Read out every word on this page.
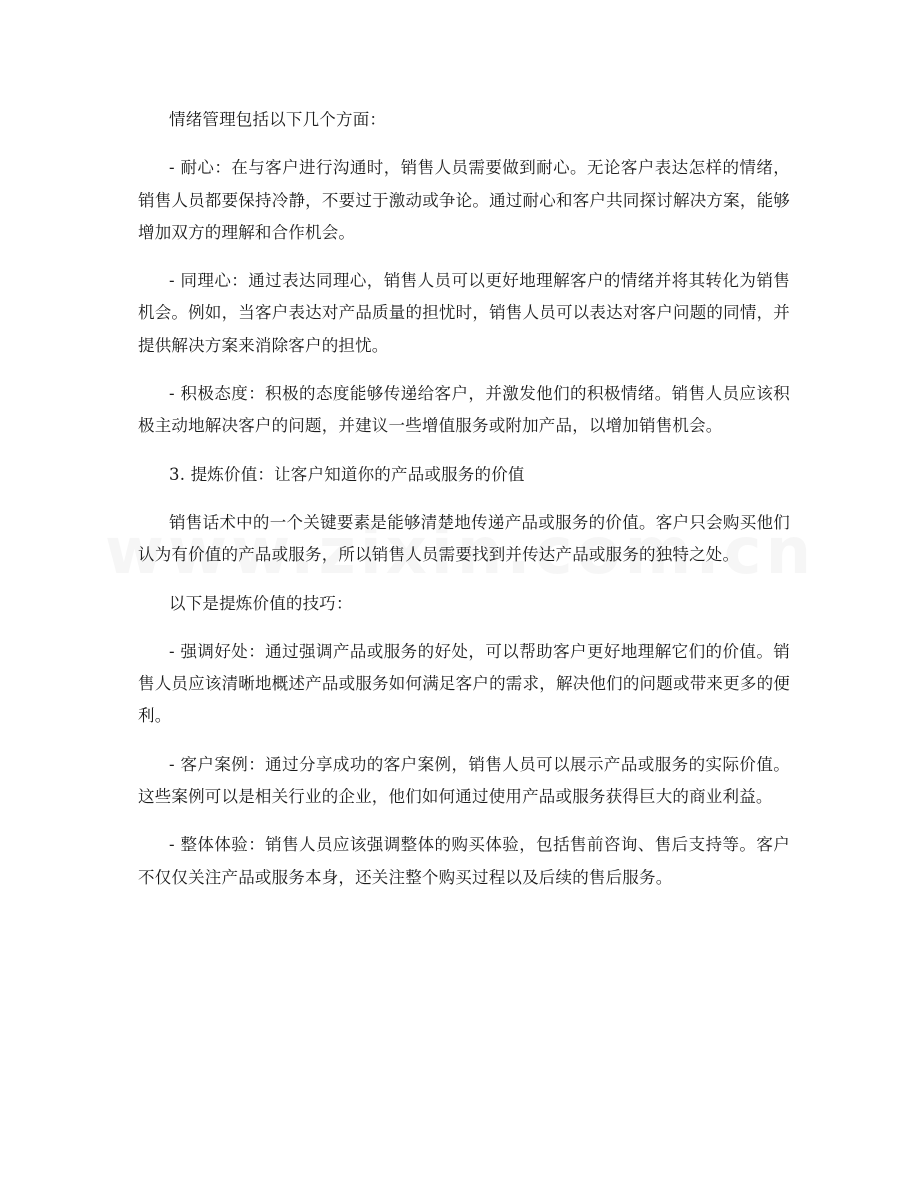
情绪管理包括以下几个方面：

- 耐心：在与客户进行沟通时，销售人员需要做到耐心。无论客户表达怎样的情绪，销售人员都要保持冷静，不要过于激动或争论。通过耐心和客户共同探讨解决方案，能够增加双方的理解和合作机会。

- 同理心：通过表达同理心，销售人员可以更好地理解客户的情绪并将其转化为销售机会。例如，当客户表达对产品质量的担忧时，销售人员可以表达对客户问题的同情，并提供解决方案来消除客户的担忧。

- 积极态度：积极的态度能够传递给客户，并激发他们的积极情绪。销售人员应该积极主动地解决客户的问题，并建议一些增值服务或附加产品，以增加销售机会。

3. 提炼价值：让客户知道你的产品或服务的价值

销售话术中的一个关键要素是能够清楚地传递产品或服务的价值。客户只会购买他们认为有价值的产品或服务，所以销售人员需要找到并传达产品或服务的独特之处。

以下是提炼价值的技巧：

- 强调好处：通过强调产品或服务的好处，可以帮助客户更好地理解它们的价值。销售人员应该清晰地概述产品或服务如何满足客户的需求，解决他们的问题或带来更多的便利。

- 客户案例：通过分享成功的客户案例，销售人员可以展示产品或服务的实际价值。这些案例可以是相关行业的企业，他们如何通过使用产品或服务获得巨大的商业利益。

- 整体体验：销售人员应该强调整体的购买体验，包括售前咨询、售后支持等。客户不仅仅关注产品或服务本身，还关注整个购买过程以及后续的售后服务。
